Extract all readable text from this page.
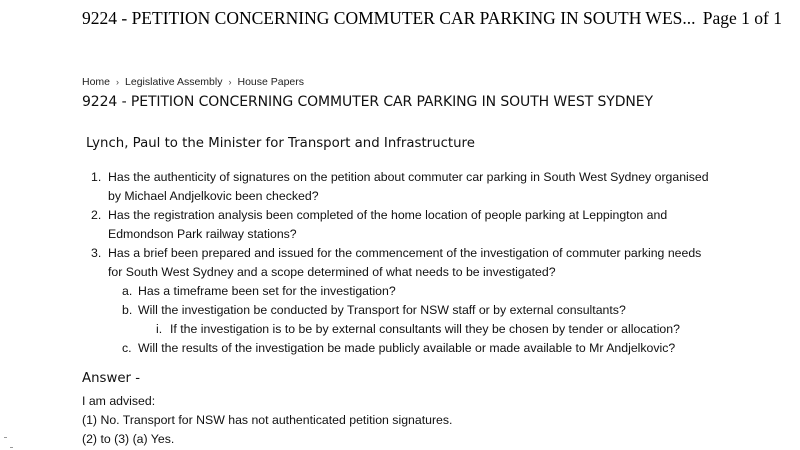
9224 - PETITION CONCERNING COMMUTER CAR PARKING IN SOUTH WES... Page 1 of 1
Home › Legislative Assembly › House Papers
9224 - PETITION CONCERNING COMMUTER CAR PARKING IN SOUTH WEST SYDNEY
Lynch, Paul to the Minister for Transport and Infrastructure
1. Has the authenticity of signatures on the petition about commuter car parking in South West Sydney organised
by Michael Andjelkovic been checked?
2. Has the registration analysis been completed of the home location of people parking at Leppington and
Edmondson Park railway stations?
3. Has a brief been prepared and issued for the commencement of the investigation of commuter parking needs
for South West Sydney and a scope determined of what needs to be investigated?
a. Has a timeframe been set for the investigation?
b. Will the investigation be conducted by Transport for NSW staff or by external consultants?
i. If the investigation is to be by external consultants will they be chosen by tender or allocation?
c. Will the results of the investigation be made publicly available or made available to Mr Andjelkovic?
Answer -
I am advised:
(1) No. Transport for NSW has not authenticated petition signatures.
(2) to (3) (a) Yes.
